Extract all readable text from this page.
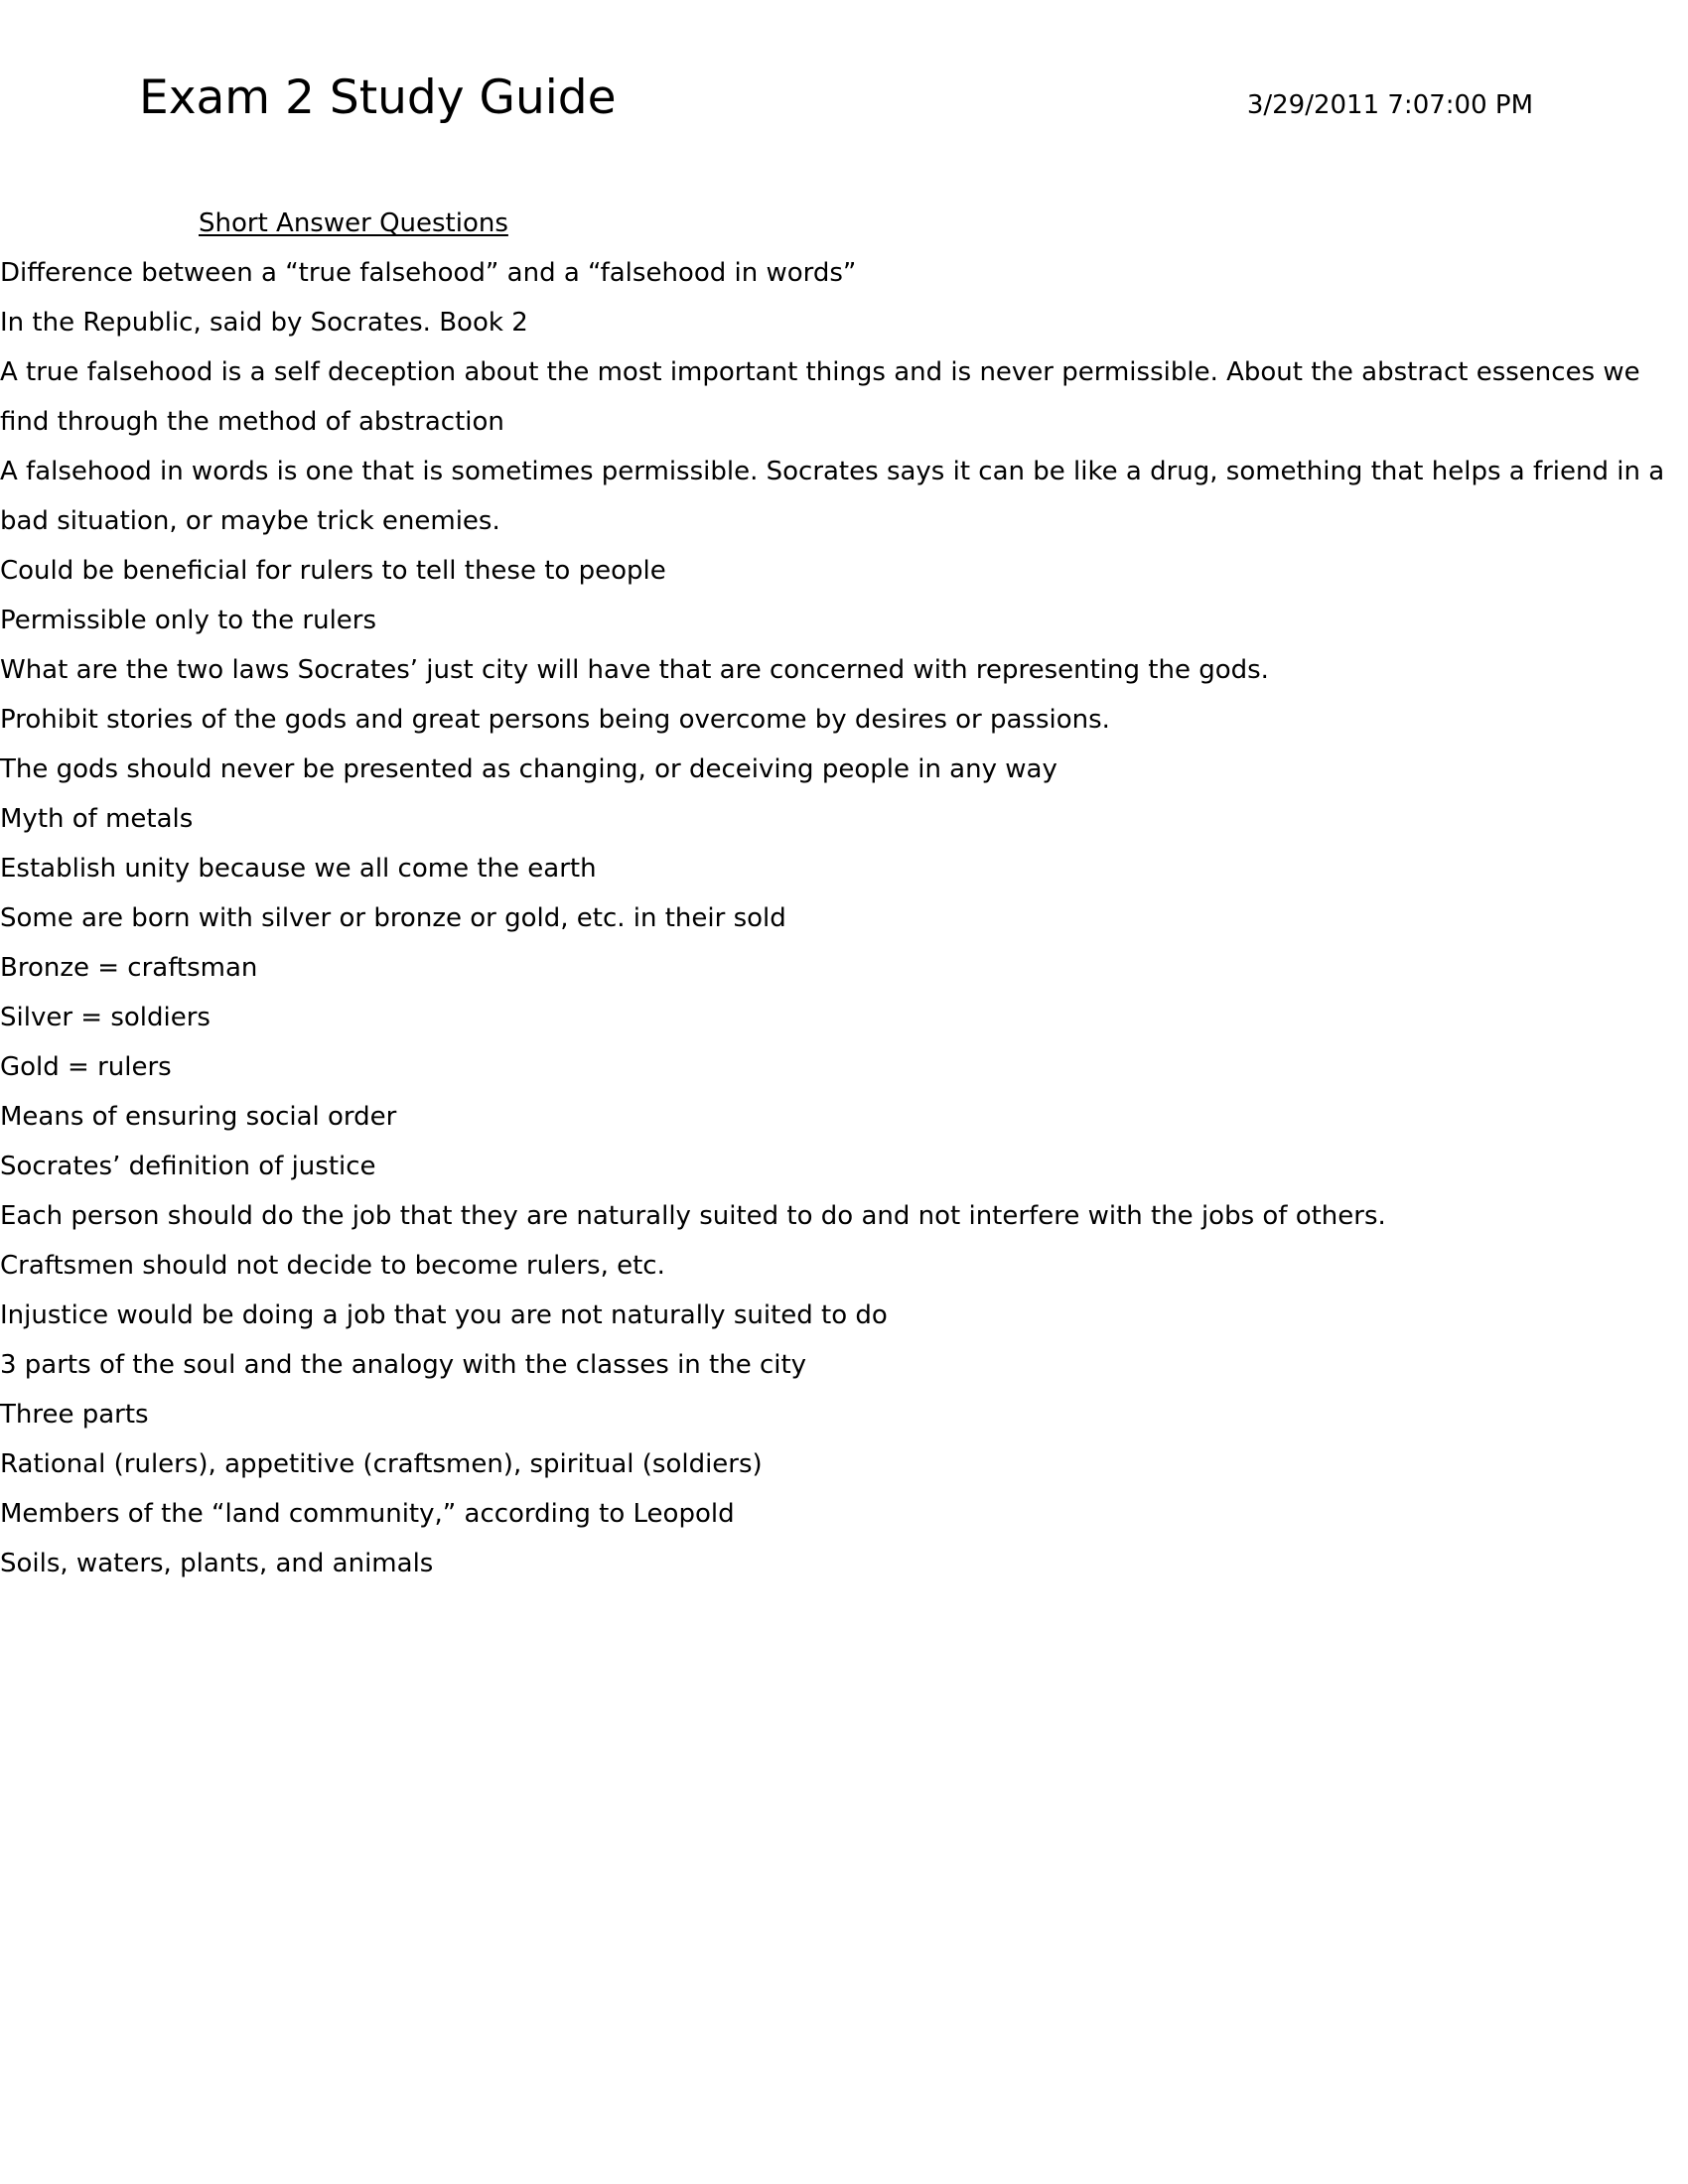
Exam 2 Study Guide	3/29/2011 7:07:00 PM
Short Answer Questions
Difference between a “true falsehood” and a “falsehood in words”
In the Republic, said by Socrates. Book 2
A true falsehood is a self deception about the most important things and is never permissible. About the abstract essences we find through the method of abstraction
A falsehood in words is one that is sometimes permissible. Socrates says it can be like a drug, something that helps a friend in a bad situation, or maybe trick enemies.
Could be beneficial for rulers to tell these to people
Permissible only to the rulers
What are the two laws Socrates’ just city will have that are concerned with representing the gods.
Prohibit stories of the gods and great persons being overcome by desires or passions.
The gods should never be presented as changing, or deceiving people in any way
Myth of metals
Establish unity because we all come the earth
Some are born with silver or bronze or gold, etc. in their sold
Bronze = craftsman
Silver = soldiers
Gold = rulers
Means of ensuring social order
Socrates’ definition of justice
Each person should do the job that they are naturally suited to do and not interfere with the jobs of others.
Craftsmen should not decide to become rulers, etc.
Injustice would be doing a job that you are not naturally suited to do
3 parts of the soul and the analogy with the classes in the city
Three parts
Rational (rulers), appetitive (craftsmen), spiritual (soldiers)
Members of the “land community,” according to Leopold
Soils, waters, plants, and animals
